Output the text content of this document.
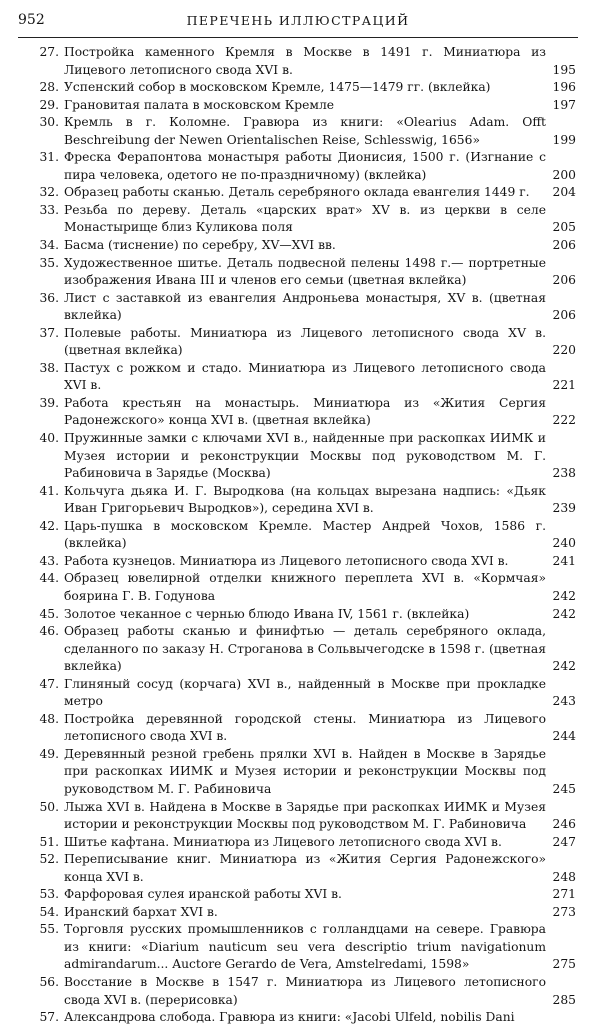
952	ПЕРЕЧЕНЬ ИЛЛЮСТРАЦИЙ
27. Постройка каменного Кремля в Москве в 1491 г. Миниатюра из Лицевого летописного свода XVI в.	195
28. Успенский собор в московском Кремле, 1475—1479 гг. (вклейка)	196
29. Грановитая палата в московском Кремле	197
30. Кремль в г. Коломне. Гравюра из книги: «Olearius Adam. Offt Beschreibung der Newen Orientalischen Reise, Schlesswig, 1656»	199
31. Фреска Ферапонтова монастыря работы Дионисия, 1500 г. (Изгнание с пира человека, одетого не по-праздничному) (вклейка)	200
32. Образец работы сканью. Деталь серебряного оклада евангелия 1449 г.	204
33. Резьба по дереву. Деталь «царских врат» XV в. из церкви в селе Монастырище близ Куликова поля	205
34. Басма (тиснение) по серебру, XV—XVI вв.	206
35. Художественное шитье. Деталь подвесной пелены 1498 г.— портретные изображения Ивана III и членов его семьи (цветная вклейка)	206
36. Лист с заставкой из евангелия Андроньева монастыря, XV в. (цветная вклейка)	206
37. Полевые работы. Миниатюра из Лицевого летописного свода XV в. (цветная вклейка)	220
38. Пастух с рожком и стадо. Миниатюра из Лицевого летописного свода XVI в.	221
39. Работа крестьян на монастырь. Миниатюра из «Жития Сергия Радонежского» конца XVI в. (цветная вклейка)	222
40. Пружинные замки с ключами XVI в., найденные при раскопках ИИМК и Музея истории и реконструкции Москвы под руководством М. Г. Рабиновича в Зарядье (Москва)	238
41. Кольчуга дьяка И. Г. Выродкова (на кольцах вырезана надпись: «Дьяк Иван Григорьевич Выродков»), середина XVI в.	239
42. Царь-пушка в московском Кремле. Мастер Андрей Чохов, 1586 г. (вклейка)	240
43. Работа кузнецов. Миниатюра из Лицевого летописного свода XVI в.	241
44. Образец ювелирной отделки книжного переплета XVI в. «Кормчая» боярина Г. В. Годунова	242
45. Золотое чеканное с чернью блюдо Ивана IV, 1561 г. (вклейка)	242
46. Образец работы сканью и финифтью — деталь серебряного оклада, сделанного по заказу Н. Строганова в Сольвычегодске в 1598 г. (цветная вклейка)	242
47. Глиняный сосуд (корчага) XVI в., найденный в Москве при прокладке метро	243
48. Постройка деревянной городской стены. Миниатюра из Лицевого летописного свода XVI в.	244
49. Деревянный резной гребень прялки XVI в. Найден в Москве в Зарядье при раскопках ИИМК и Музея истории и реконструкции Москвы под руководством М. Г. Рабиновича	245
50. Лыжа XVI в. Найдена в Москве в Зарядье при раскопках ИИМК и Музея истории и реконструкции Москвы под руководством М. Г. Рабиновича	246
51. Шитье кафтана. Миниатюра из Лицевого летописного свода XVI в.	247
52. Переписывание книг. Миниатюра из «Жития Сергия Радонежского» конца XVI в.	248
53. Фарфоровая сулея иранской работы XVI в.	271
54. Иранский бархат XVI в.	273
55. Торговля русских промышленников с голландцами на севере. Гравюра из книги: «Diarium nauticum seu vera descriptio trium navigationum admirandarum... Auctore Gerardo de Vera, Amstelredami, 1598»	275
56. Восстание в Москве в 1547 г. Миниатюра из Лицевого летописного свода XVI в. (перерисовка)	285
57. Александрова слобода. Гравюра из книги: «Jacobi Ulfeld, nobilis Dani
